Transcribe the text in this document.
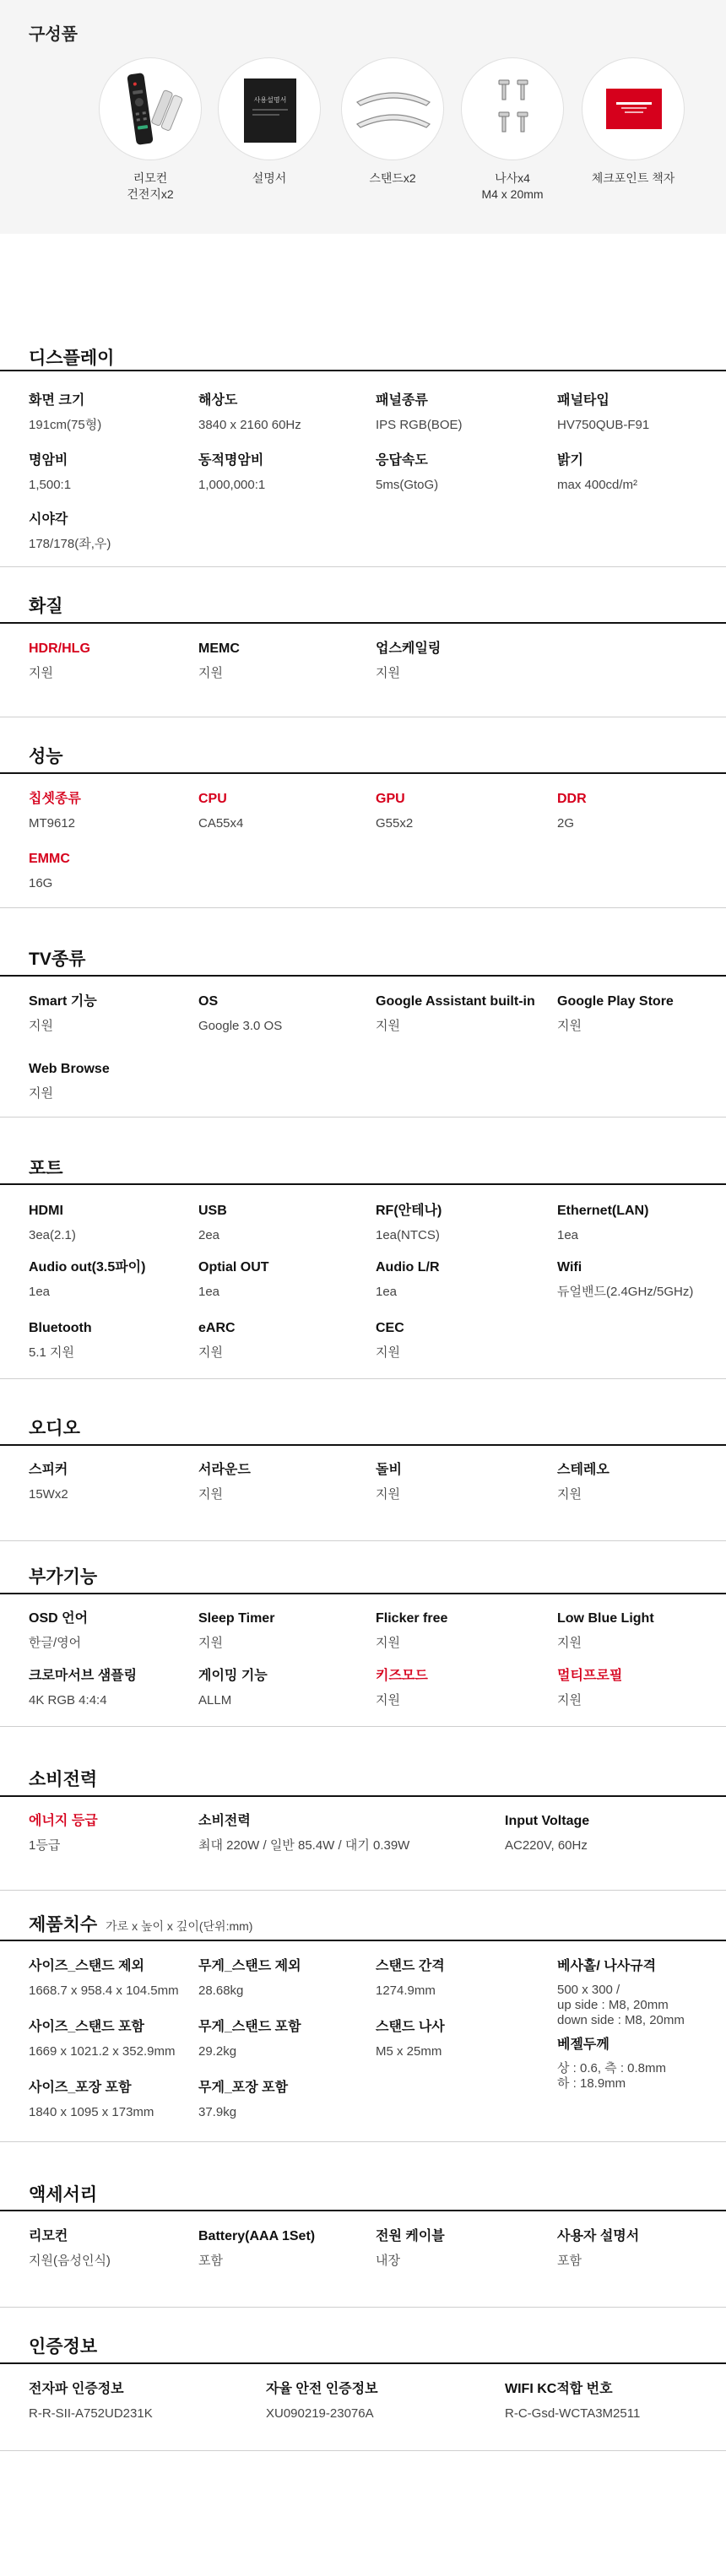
구성품
리모컨
건전지x2
사용설명서
설명서	스탠드x2	나사x4
M4 x 20mm
체크포인트 책자
디스플레이
화면 크기
191cm(75형)
해상도
3840 x 2160 60Hz
패널종류
IPS RGB(BOE)
패널타입
HV750QUB-F91
명암비
1,500:1
동적명암비
1,000,000:1
응답속도
5ms(GtoG)
밝기
max 400cd/m²
시야각
178/178(좌,우)
화질
HDR/HLG
지원
MEMC
지원
업스케일링
지원
성능
칩셋종류
MT9612
CPU
CA55x4
GPU
G55x2
DDR
2G
EMMC
16G
TV종류
Smart 기능
지원
OS
Google 3.0 OS
Google Assistant built-in
지원
Google Play Store
지원
Web Browse
지원
포트
HDMI
3ea(2.1)
USB
2ea
RF(안테나)
1ea(NTCS)
Ethernet(LAN)
1ea
Audio out(3.5파이)
1ea
Optial OUT
1ea
Audio L/R
1ea
Wifi
듀얼밴드(2.4GHz/5GHz)
Bluetooth
5.1 지원
eARC
지원
CEC
지원
오디오
스피커
15Wx2
서라운드
지원
돌비
지원
스테레오
지원
부가기능
OSD 언어
한글/영어
Sleep Timer
지원
Flicker free
지원
Low Blue Light
지원
크로마서브 샘플링
4K RGB 4:4:4
게이밍 기능
ALLM
키즈모드
지원
멀티프로필
지원
소비전력
에너지 등급
1등급
소비전력
최대 220W / 일반 85.4W / 대기 0.39W
Input Voltage
AC220V, 60Hz
제품치수 가로 x 높이 x 깊이(단위:mm)
사이즈_스탠드 제외
1668.7 x 958.4 x 104.5mm
무게_스탠드 제외
28.68kg
스탠드 간격
1274.9mm
베사홀/ 나사규격
500 x 300 /
up side : M8, 20mm
down side : M8, 20mm
사이즈_스탠드 포함
1669 x 1021.2 x 352.9mm
무게_스탠드 포함
29.2kg
스탠드 나사
M5 x 25mm	베젤두께
상 : 0.6, 측 : 0.8mm
하 : 18.9mm
사이즈_포장 포함
1840 x 1095 x 173mm
무게_포장 포함
37.9kg
액세서리
리모컨
지원(음성인식)
Battery(AAA 1Set)
포함
전원 케이블
내장
사용자 설명서
포함
인증정보
전자파 인증정보
R-R-SII-A752UD231K
자율 안전 인증정보
XU090219-23076A
WIFI KC적합 번호
R-C-Gsd-WCTA3M2511
